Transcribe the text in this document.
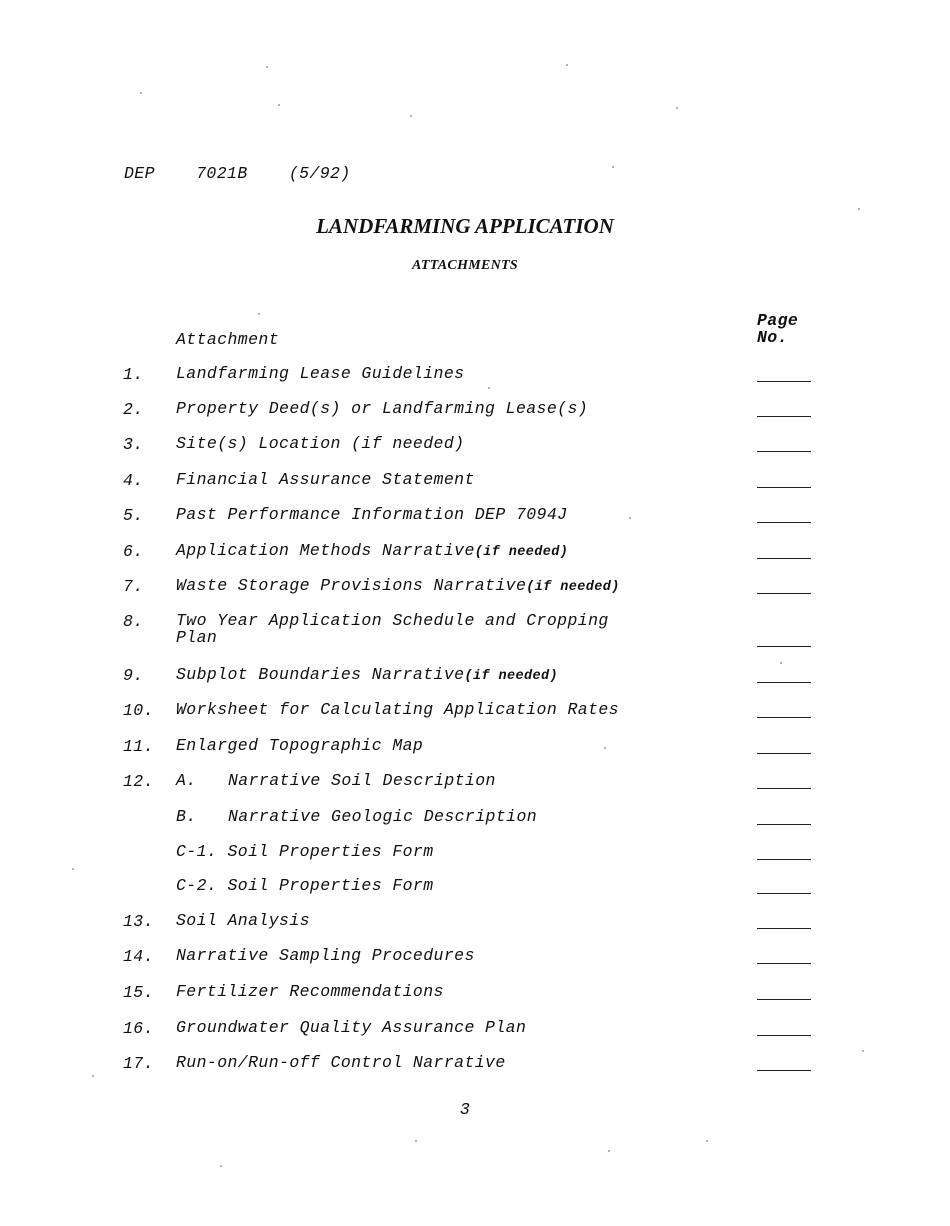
DEP    7021B    (5/92)
LANDFARMING APPLICATION
ATTACHMENTS
Attachment
Page
No.
1. Landfarming Lease Guidelines
2. Property Deed(s) or Landfarming Lease(s)
3. Site(s) Location (if needed)
4. Financial Assurance Statement
5. Past Performance Information DEP 7094J
6. Application Methods Narrative(if needed)
7. Waste Storage Provisions Narrative(if needed)
8. Two Year Application Schedule and Cropping
Plan
9. Subplot Boundaries Narrative(if needed)
10. Worksheet for Calculating Application Rates
11. Enlarged Topographic Map
12. A. Narrative Soil Description
B. Narrative Geologic Description
C-1. Soil Properties Form
C-2. Soil Properties Form
13. Soil Analysis
14. Narrative Sampling Procedures
15. Fertilizer Recommendations
16. Groundwater Quality Assurance Plan
17. Run-on/Run-off Control Narrative
3
